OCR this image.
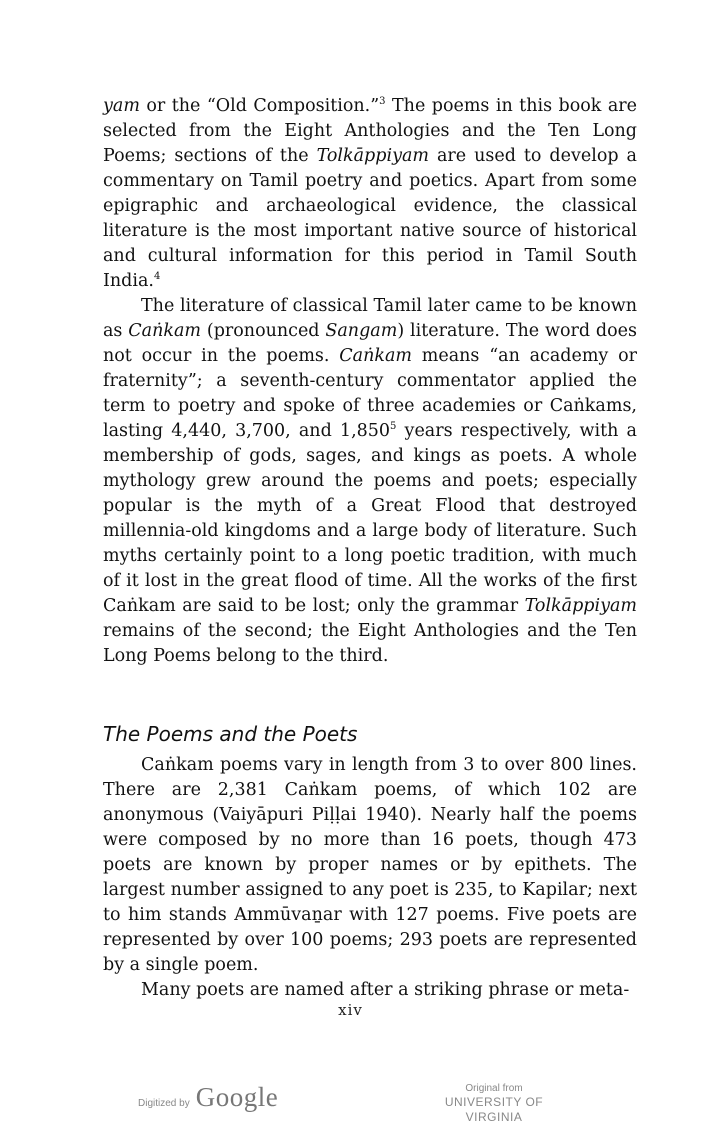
yam or the “Old Composition.”$^3$ The poems in this book are selected from the Eight Anthologies and the Ten Long Poems; sections of the Tolkāppiyam are used to develop a commentary on Tamil poetry and poetics. Apart from some epigraphic and archaeological evidence, the classical literature is the most important native source of historical and cultural information for this period in Tamil South India.$^4$

The literature of classical Tamil later came to be known as Caṅkam (pronounced Sangam) literature. The word does not occur in the poems. Caṅkam means “an academy or fraternity”; a seventh-century commentator applied the term to poetry and spoke of three academies or Caṅkams, lasting 4,440, 3,700, and 1,850$^5$ years respectively, with a membership of gods, sages, and kings as poets. A whole mythology grew around the poems and poets; especially popular is the myth of a Great Flood that destroyed millennia-old kingdoms and a large body of literature. Such myths certainly point to a long poetic tradition, with much of it lost in the great flood of time. All the works of the first Caṅkam are said to be lost; only the grammar Tolkāppiyam remains of the second; the Eight Anthologies and the Ten Long Poems belong to the third.

The Poems and the Poets

Caṅkam poems vary in length from 3 to over 800 lines. There are 2,381 Caṅkam poems, of which 102 are anonymous (Vaiyāpuri Piḷḷai 1940). Nearly half the poems were composed by no more than 16 poets, though 473 poets are known by proper names or by epithets. The largest number assigned to any poet is 235, to Kapilar; next to him stands Ammūvaṉar with 127 poems. Five poets are represented by over 100 poems; 293 poets are represented by a single poem.

Many poets are named after a striking phrase or meta-

xiv
Digitized by Google	Original from
UNIVERSITY OF VIRGINIA
